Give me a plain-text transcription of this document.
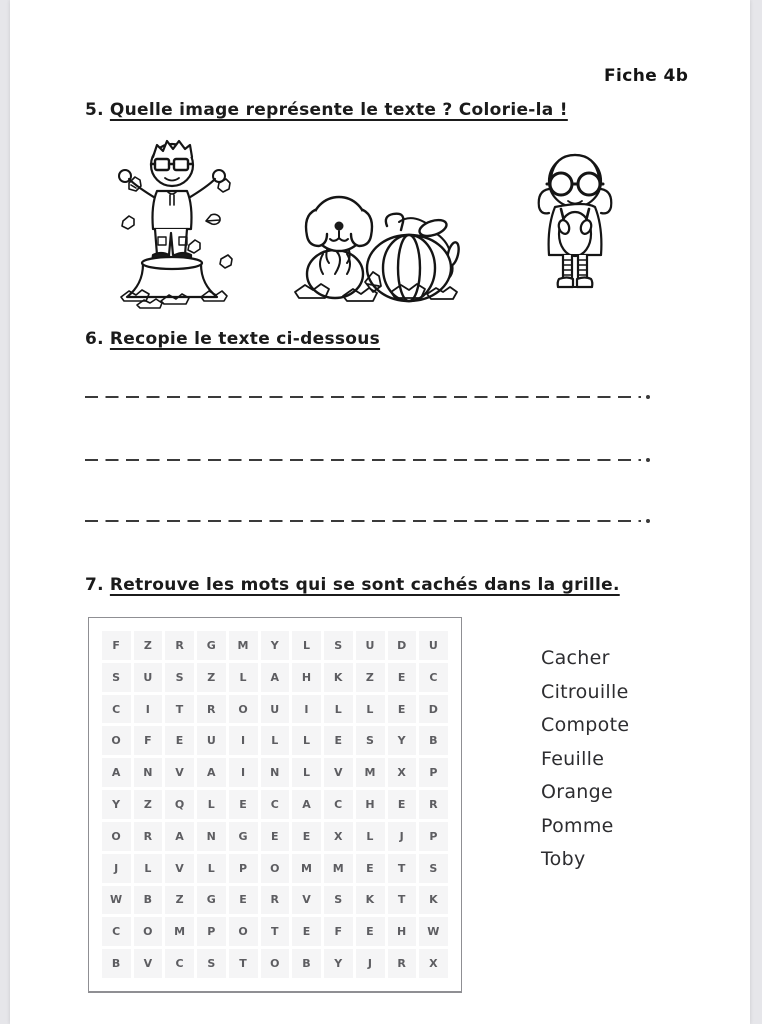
Fiche 4b
5. Quelle image représente le texte ? Colorie-la !
6. Recopie le texte ci-dessous
7. Retrouve les mots qui se sont cachés dans la grille.
F	Z	R	G	M	Y	L	S	U	D	U
S	U	S	Z	L	A	H	K	Z	E	C
C	I	T	R	O	U	I	L	L	E	D
O	F	E	U	I	L	L	E	S	Y	B
A	N	V	A	I	N	L	V	M	X	P
Y	Z	Q	L	E	C	A	C	H	E	R
O	R	A	N	G	E	E	X	L	J	P
J	L	V	L	P	O	M	M	E	T	S
W	B	Z	G	E	R	V	S	K	T	K
C	O	M	P	O	T	E	F	E	H	W
B	V	C	S	T	O	B	Y	J	R	X
Cacher
Citrouille
Compote
Feuille
Orange
Pomme
Toby
